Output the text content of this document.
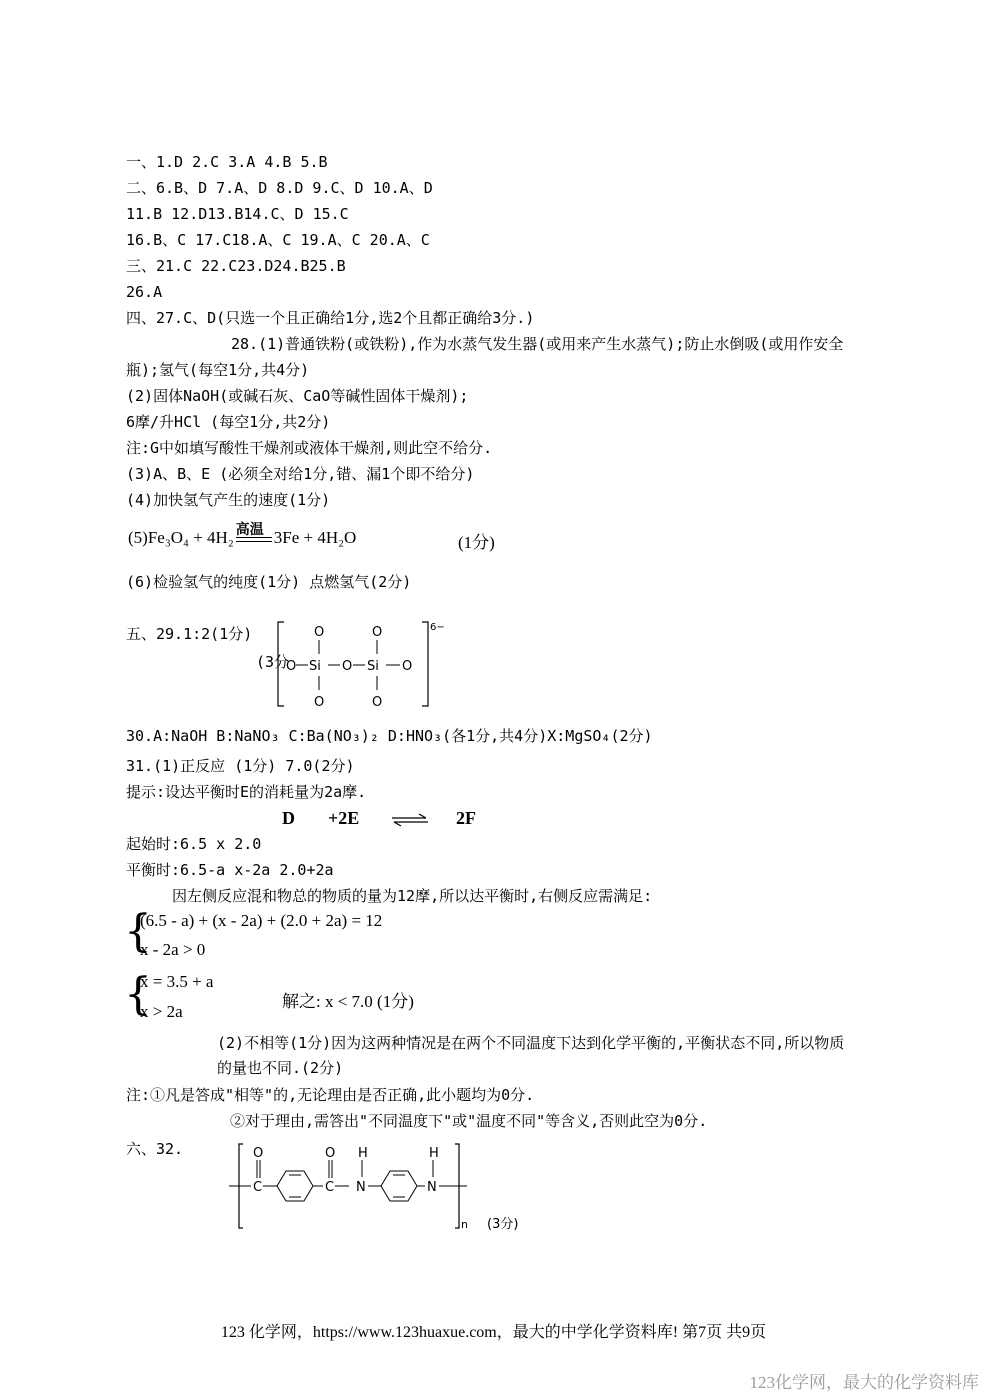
一、1.D 2.C 3.A 4.B 5.B
二、6.B、D 7.A、D 8.D 9.C、D 10.A、D
11.B 12.D13.B14.C、D 15.C
16.B、C 17.C18.A、C 19.A、C 20.A、C
三、21.C 22.C23.D24.B25.B
26.A
四、27.C、D(只选一个且正确给1分,选2个且都正确给3分.)
28.(1)普通铁粉(或铁粉),作为水蒸气发生器(或用来产生水蒸气);防止水倒吸(或用作安全
瓶);氢气(每空1分,共4分)
(2)固体NaOH(或碱石灰、CaO等碱性固体干燥剂);
6摩/升HCl (每空1分,共2分)
注:G中如填写酸性干燥剂或液体干燥剂,则此空不给分.
(3)A、B、E (必须全对给1分,错、漏1个即不给分)
(4)加快氢气产生的速度(1分)
(5)Fe₃O₄ + 4H₂ 高温 3Fe + 4H₂O	(1分)
(6)检验氢气的纯度(1分) 点燃氢气(2分)
五、29.1:2(1分)
(3分
6−
O	O
O Si O Si O
O	O
30.A:NaOH B:NaNO₃ C:Ba(NO₃)₂ D:HNO₃(各1分,共4分)X:MgSO₄(2分)
31.(1)正反应 (1分) 7.0(2分)
提示:设达平衡时E的消耗量为2a摩.
D +2E	2F
起始时:6.5 x 2.0
平衡时:6.5-a x-2a 2.0+2a
因左侧反应混和物总的物质的量为12摩,所以达平衡时,右侧反应需满足:
{
(6.5 - a) + (x - 2a) + (2.0 + 2a) = 12
x - 2a > 0
{
x = 3.5 + a
x > 2a
解之: x < 7.0 (1分)
(2)不相等(1分)因为这两种情况是在两个不同温度下达到化学平衡的,平衡状态不同,所以物质
的量也不同.(2分)
注:①凡是答成"相等"的,无论理由是否正确,此小题均为0分.
②对于理由,需答出"不同温度下"或"温度不同"等含义,否则此空为0分.
六、32.	O
C
O
C
H
N
H
N
n (3分)
123 化学网，https://www.123huaxue.com，最大的中学化学资料库! 第7页 共9页
123化学网，最大的化学资料库
